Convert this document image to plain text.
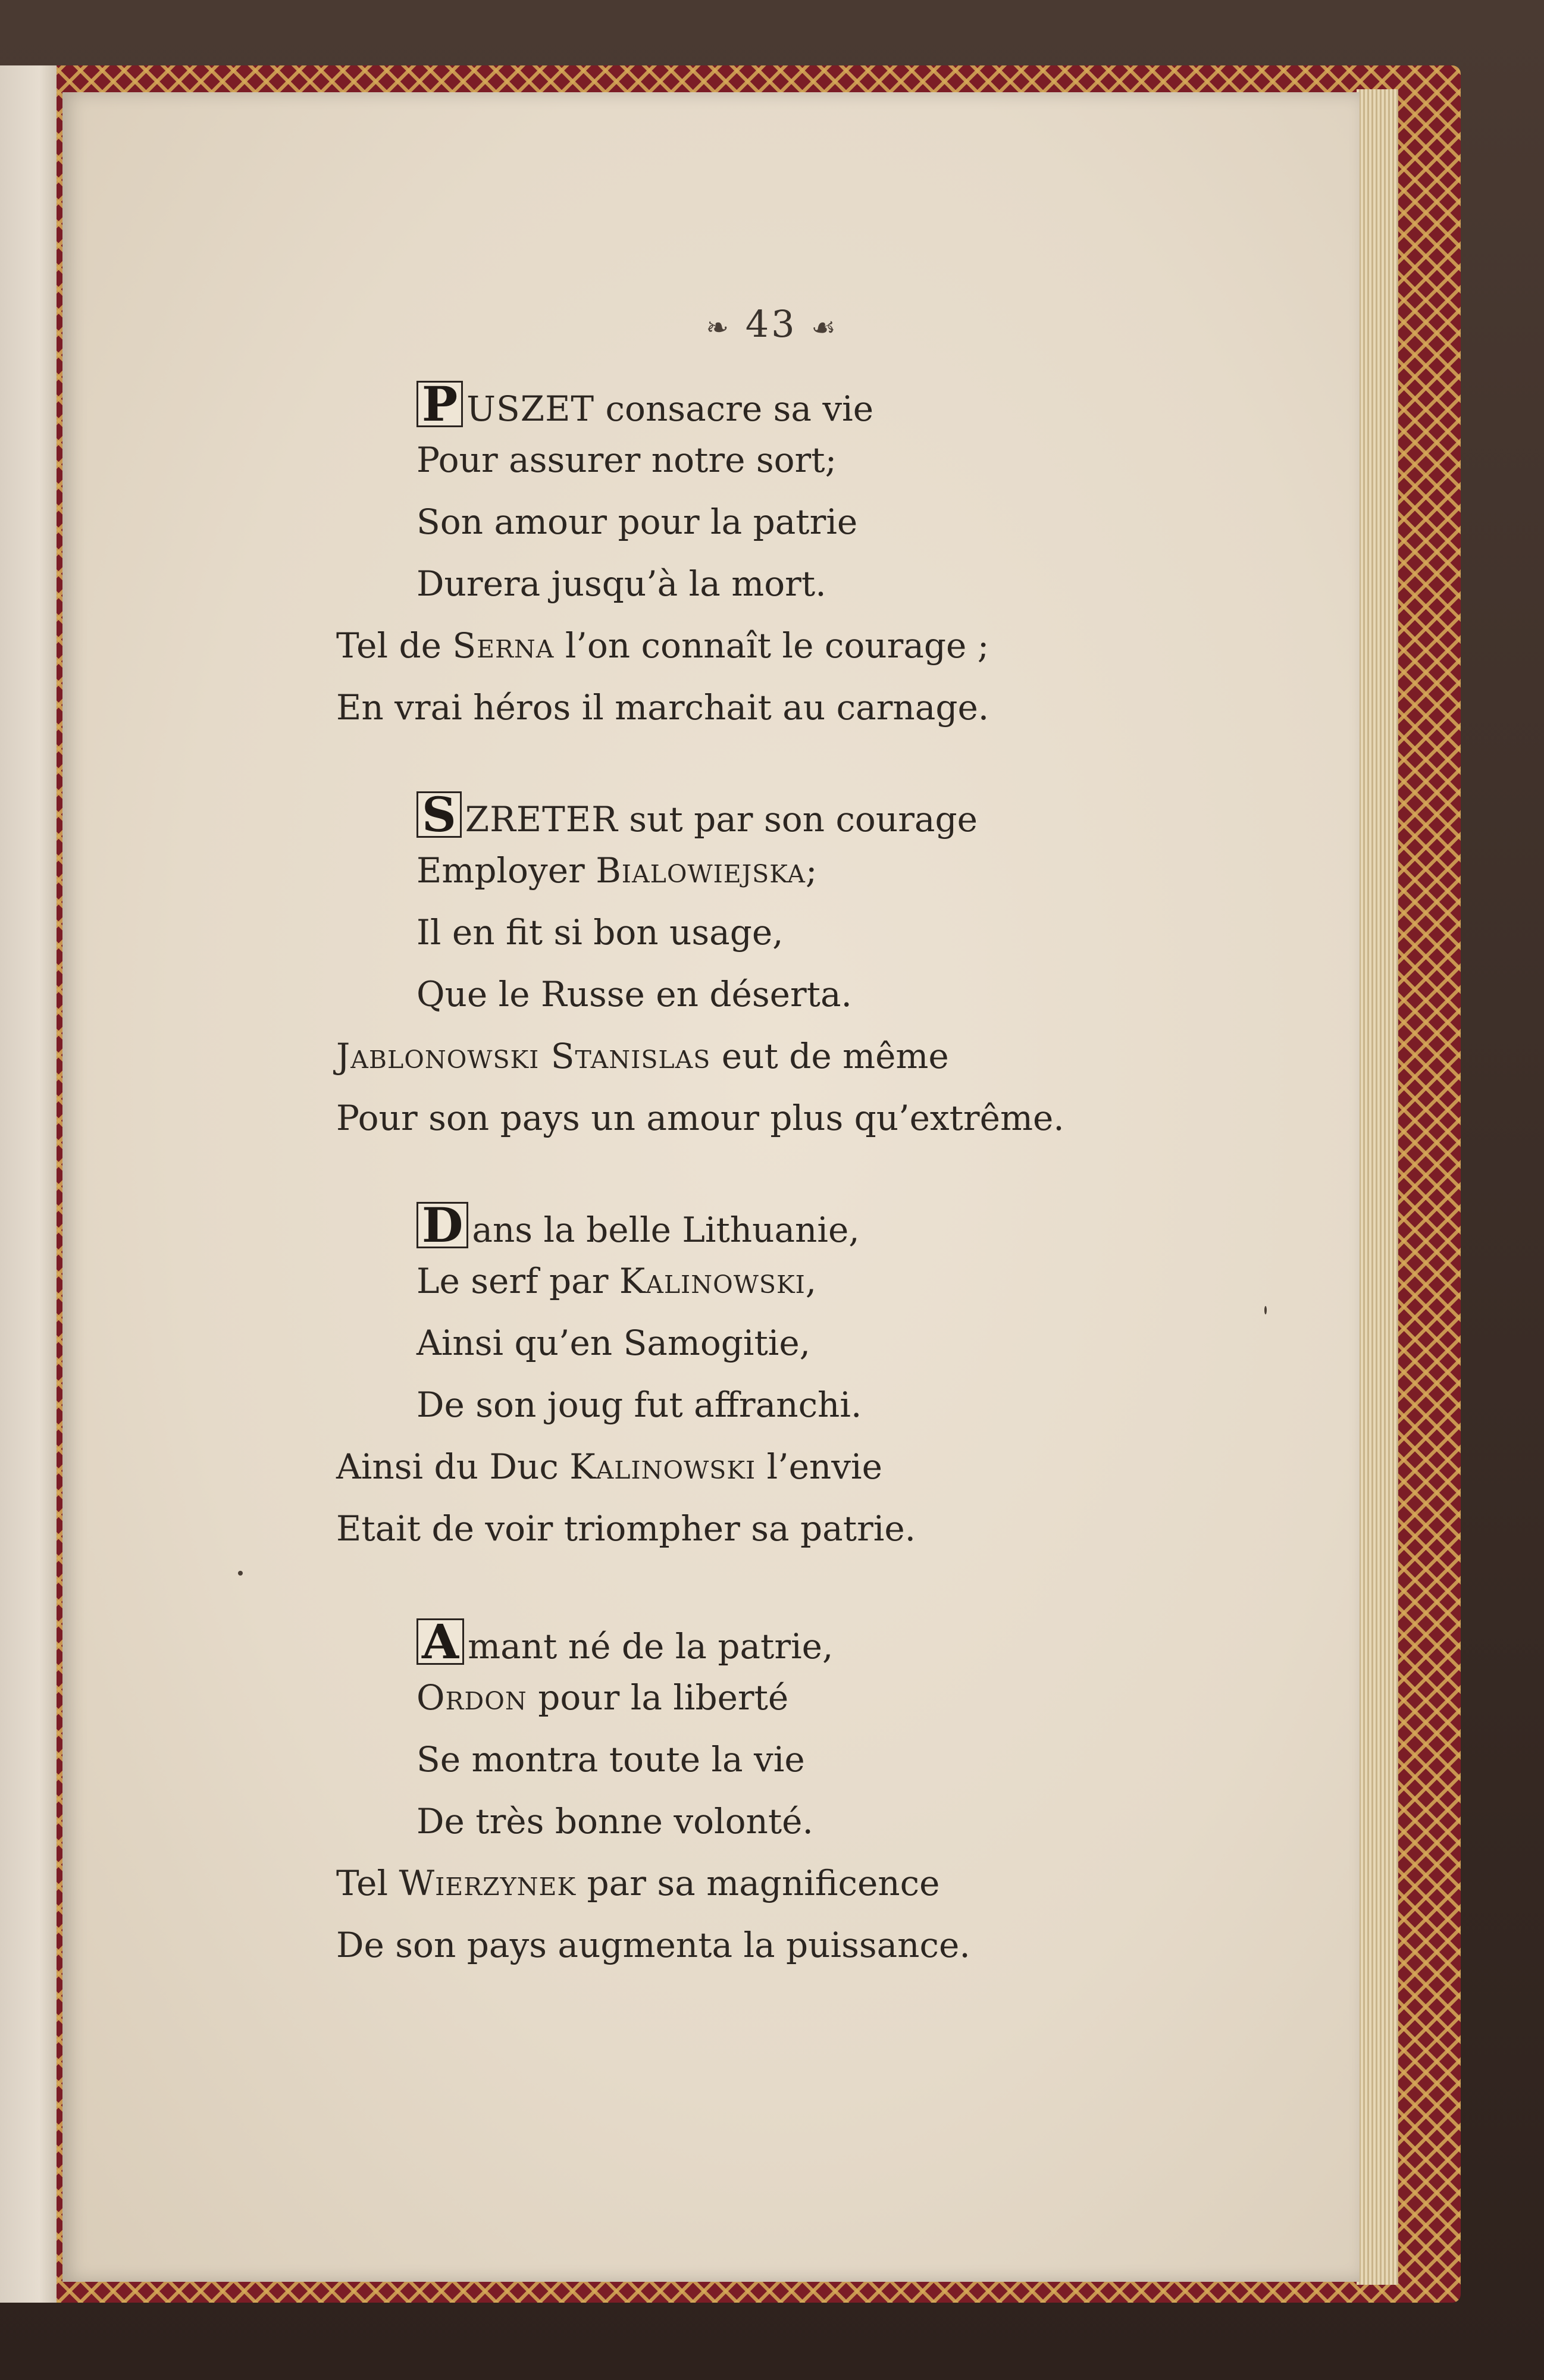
❧ 43 ☙
P USZET consacre sa vie
Pour assurer notre sort;
Son amour pour la patrie
Durera jusqu’à la mort.
Tel de Serna l’on connaît le courage ;
En vrai héros il marchait au carnage.
S ZRETER sut par son courage
Employer Bialowiejska;
Il en fit si bon usage,
Que le Russe en déserta.
Jablonowski Stanislas eut de même
Pour son pays un amour plus qu’extrême.
D ans la belle Lithuanie,
Le serf par Kalinowski,
Ainsi qu’en Samogitie,
De son joug fut affranchi.
Ainsi du Duc Kalinowski l’envie
Etait de voir triompher sa patrie.
A mant né de la patrie,
Ordon pour la liberté
Se montra toute la vie
De très bonne volonté.
Tel Wierzynek par sa magnificence
De son pays augmenta la puissance.
